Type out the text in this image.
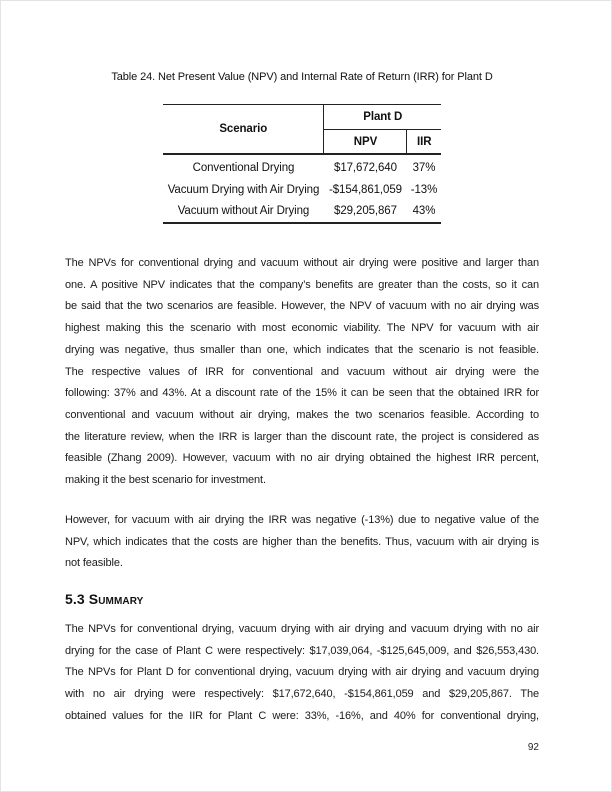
Table 24. Net Present Value (NPV) and Internal Rate of Return (IRR) for Plant D
Scenario	Plant D	
	NPV	IIR
Conventional Drying	$17,672,640	37%
Vacuum Drying with Air Drying	-$154,861,059	-13%
Vacuum without Air Drying	$29,205,867	43%
The NPVs for conventional drying and vacuum without air drying were positive and larger than
one. A positive NPV indicates that the company’s benefits are greater than the costs, so it can
be said that the two scenarios are feasible. However, the NPV of vacuum with no air drying was
highest making this the scenario with most economic viability. The NPV for vacuum with air
drying was negative, thus smaller than one, which indicates that the scenario is not feasible.
The respective values of IRR for conventional and vacuum without air drying were the
following: 37% and 43%. At a discount rate of the 15% it can be seen that the obtained IRR for
conventional and vacuum without air drying, makes the two scenarios feasible. According to
the literature review, when the IRR is larger than the discount rate, the project is considered as
feasible (Zhang 2009). However, vacuum with no air drying obtained the highest IRR percent,
making it the best scenario for investment.
However, for vacuum with air drying the IRR was negative (-13%) due to negative value of the
NPV, which indicates that the costs are higher than the benefits. Thus, vacuum with air drying is
not feasible.
5.3 Summary
The NPVs for conventional drying, vacuum drying with air drying and vacuum drying with no air
drying for the case of Plant C were respectively: $17,039,064, -$125,645,009, and $26,553,430.
The NPVs for Plant D for conventional drying, vacuum drying with air drying and vacuum drying
with no air drying were respectively: $17,672,640, -$154,861,059 and $29,205,867. The
obtained values for the IIR for Plant C were: 33%, -16%, and 40% for conventional drying,
92
